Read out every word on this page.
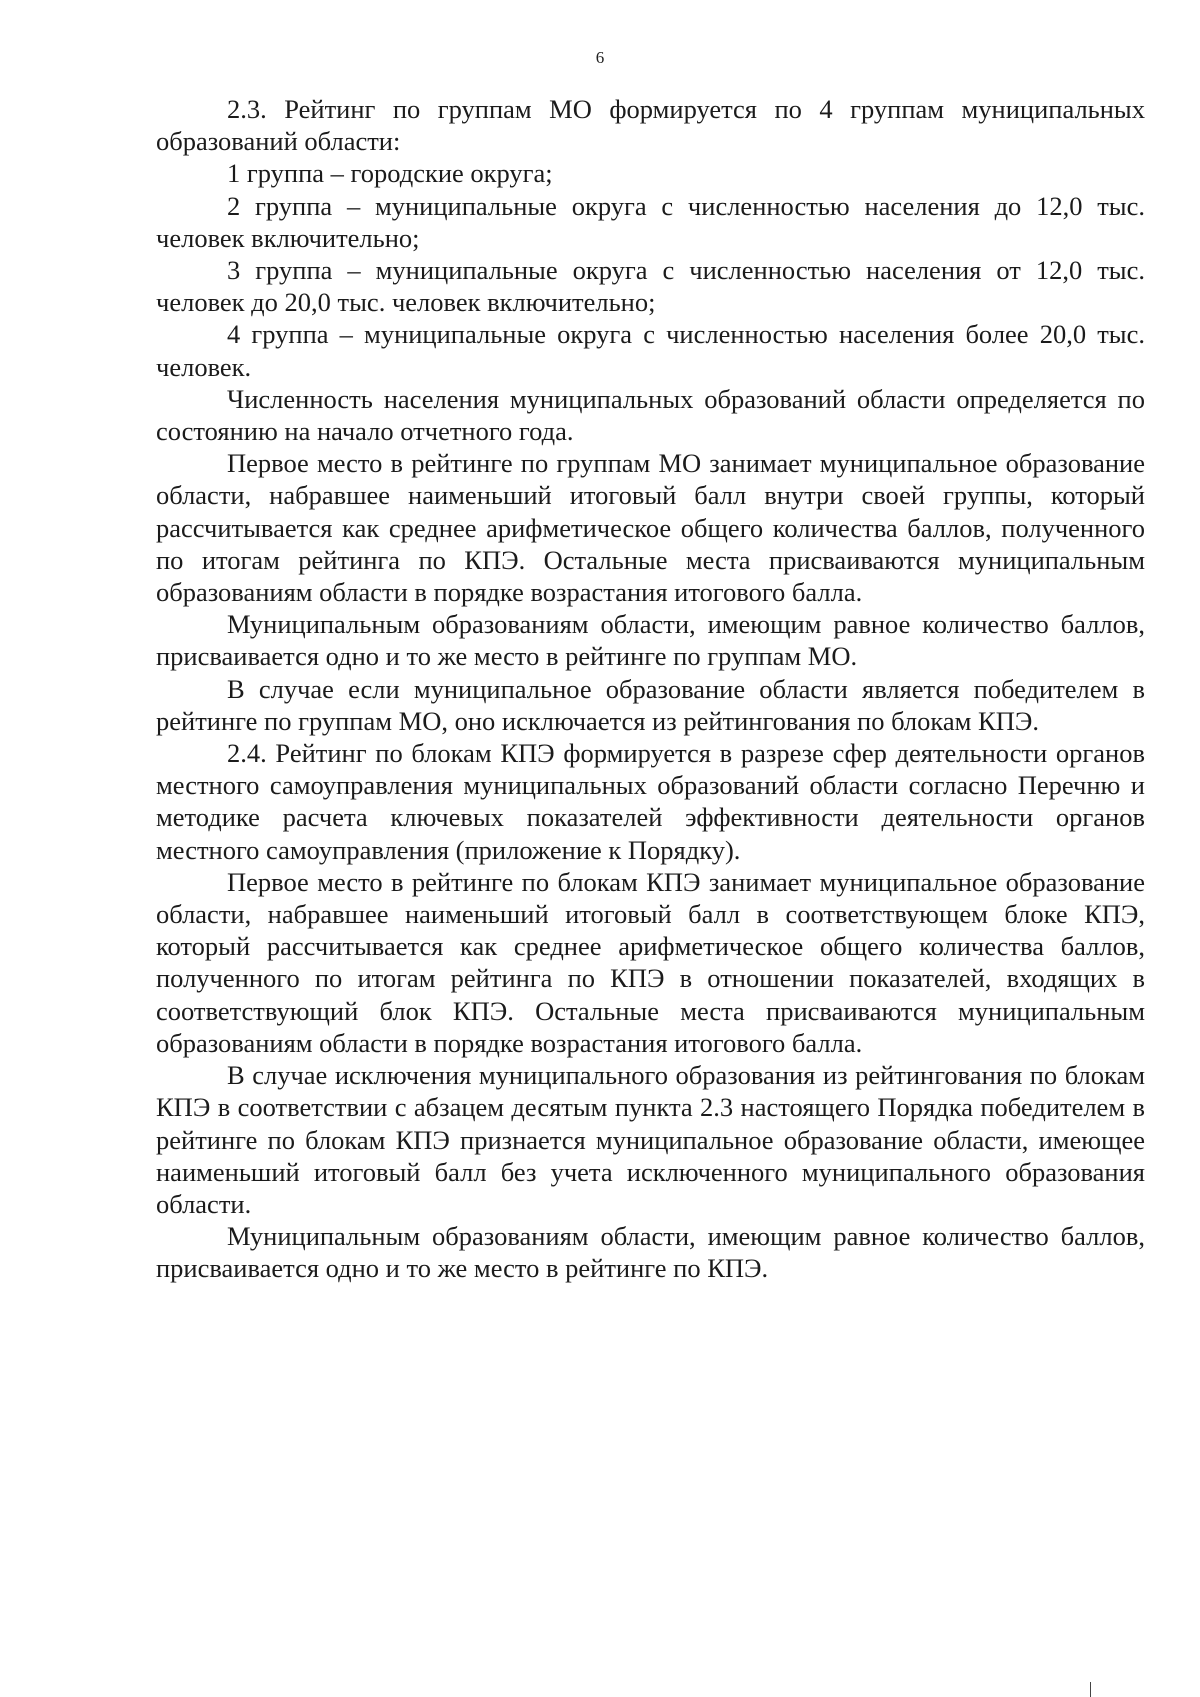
6

2.3. Рейтинг по группам МО формируется по 4 группам муниципальных образований области:

1 группа – городские округа;

2 группа – муниципальные округа с численностью населения до 12,0 тыс. человек включительно;

3 группа – муниципальные округа с численностью населения от 12,0 тыс. человек до 20,0 тыс. человек включительно;

4 группа – муниципальные округа с численностью населения более 20,0 тыс. человек.

Численность населения муниципальных образований области определяется по состоянию на начало отчетного года.

Первое место в рейтинге по группам МО занимает муниципальное образование области, набравшее наименьший итоговый балл внутри своей группы, который рассчитывается как среднее арифметическое общего количества баллов, полученного по итогам рейтинга по КПЭ. Остальные места присваиваются муниципальным образованиям области в порядке возрастания итогового балла.

Муниципальным образованиям области, имеющим равное количество баллов, присваивается одно и то же место в рейтинге по группам МО.

В случае если муниципальное образование области является победителем в рейтинге по группам МО, оно исключается из рейтингования по блокам КПЭ.

2.4. Рейтинг по блокам КПЭ формируется в разрезе сфер деятельности органов местного самоуправления муниципальных образований области согласно Перечню и методике расчета ключевых показателей эффективности деятельности органов местного самоуправления (приложение к Порядку).

Первое место в рейтинге по блокам КПЭ занимает муниципальное образование области, набравшее наименьший итоговый балл в соответствующем блоке КПЭ, который рассчитывается как среднее арифметическое общего количества баллов, полученного по итогам рейтинга по КПЭ в отношении показателей, входящих в соответствующий блок КПЭ. Остальные места присваиваются муниципальным образованиям области в порядке возрастания итогового балла.

В случае исключения муниципального образования из рейтингования по блокам КПЭ в соответствии с абзацем десятым пункта 2.3 настоящего Порядка победителем в рейтинге по блокам КПЭ признается муниципальное образование области, имеющее наименьший итоговый балл без учета исключенного муниципального образования области.

Муниципальным образованиям области, имеющим равное количество баллов, присваивается одно и то же место в рейтинге по КПЭ.
